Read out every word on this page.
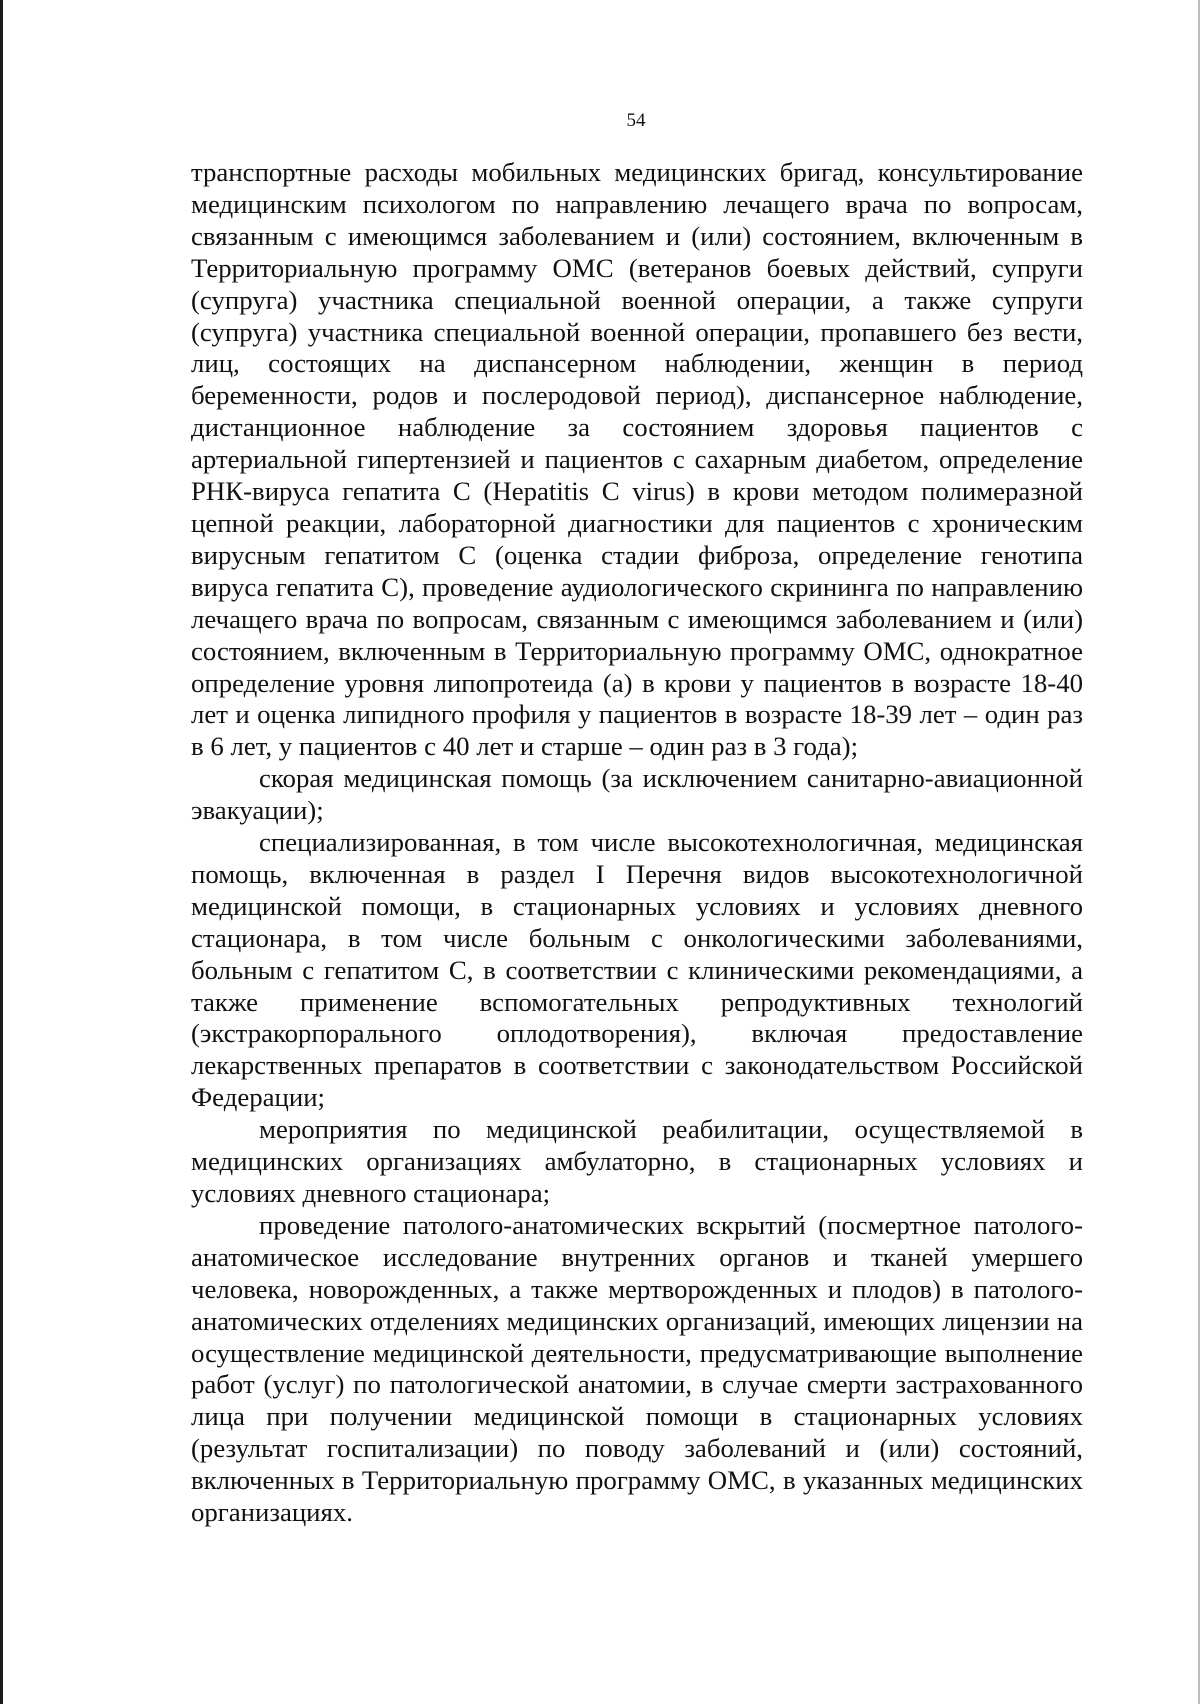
54

транспортные расходы мобильных медицинских бригад, консультирование медицинским психологом по направлению лечащего врача по вопросам, связанным с имеющимся заболеванием и (или) состоянием, включенным в Территориальную программу ОМС (ветеранов боевых действий, супруги (супруга) участника специальной военной операции, а также супруги (супруга) участника специальной военной операции, пропавшего без вести, лиц, состоящих на диспансерном наблюдении, женщин в период беременности, родов и послеродовой период), диспансерное наблюдение, дистанционное наблюдение за состоянием здоровья пациентов с артериальной гипертензией и пациентов с сахарным диабетом, определение РНК-вируса гепатита С (Hepatitis C virus) в крови методом полимеразной цепной реакции, лабораторной диагностики для пациентов с хроническим вирусным гепатитом С (оценка стадии фиброза, определение генотипа вируса гепатита С), проведение аудиологического скрининга по направлению лечащего врача по вопросам, связанным с имеющимся заболеванием и (или) состоянием, включенным в Территориальную программу ОМС, однократное определение уровня липопротеида (а) в крови у пациентов в возрасте 18-40 лет и оценка липидного профиля у пациентов в возрасте 18-39 лет – один раз в 6 лет, у пациентов с 40 лет и старше – один раз в 3 года);

скорая медицинская помощь (за исключением санитарно-авиационной эвакуации);

специализированная, в том числе высокотехнологичная, медицинская помощь, включенная в раздел I Перечня видов высокотехнологичной медицинской помощи, в стационарных условиях и условиях дневного стационара, в том числе больным с онкологическими заболеваниями, больным с гепатитом С, в соответствии с клиническими рекомендациями, а также применение вспомогательных репродуктивных технологий (экстракорпорального оплодотворения), включая предоставление лекарственных препаратов в соответствии с законодательством Российской Федерации;

мероприятия по медицинской реабилитации, осуществляемой в медицинских организациях амбулаторно, в стационарных условиях и условиях дневного стационара;

проведение патолого-анатомических вскрытий (посмертное патолого-анатомическое исследование внутренних органов и тканей умершего человека, новорожденных, а также мертворожденных и плодов) в патолого-анатомических отделениях медицинских организаций, имеющих лицензии на осуществление медицинской деятельности, предусматривающие выполнение работ (услуг) по патологической анатомии, в случае смерти застрахованного лица при получении медицинской помощи в стационарных условиях (результат госпитализации) по поводу заболеваний и (или) состояний, включенных в Территориальную программу ОМС, в указанных медицинских организациях.
